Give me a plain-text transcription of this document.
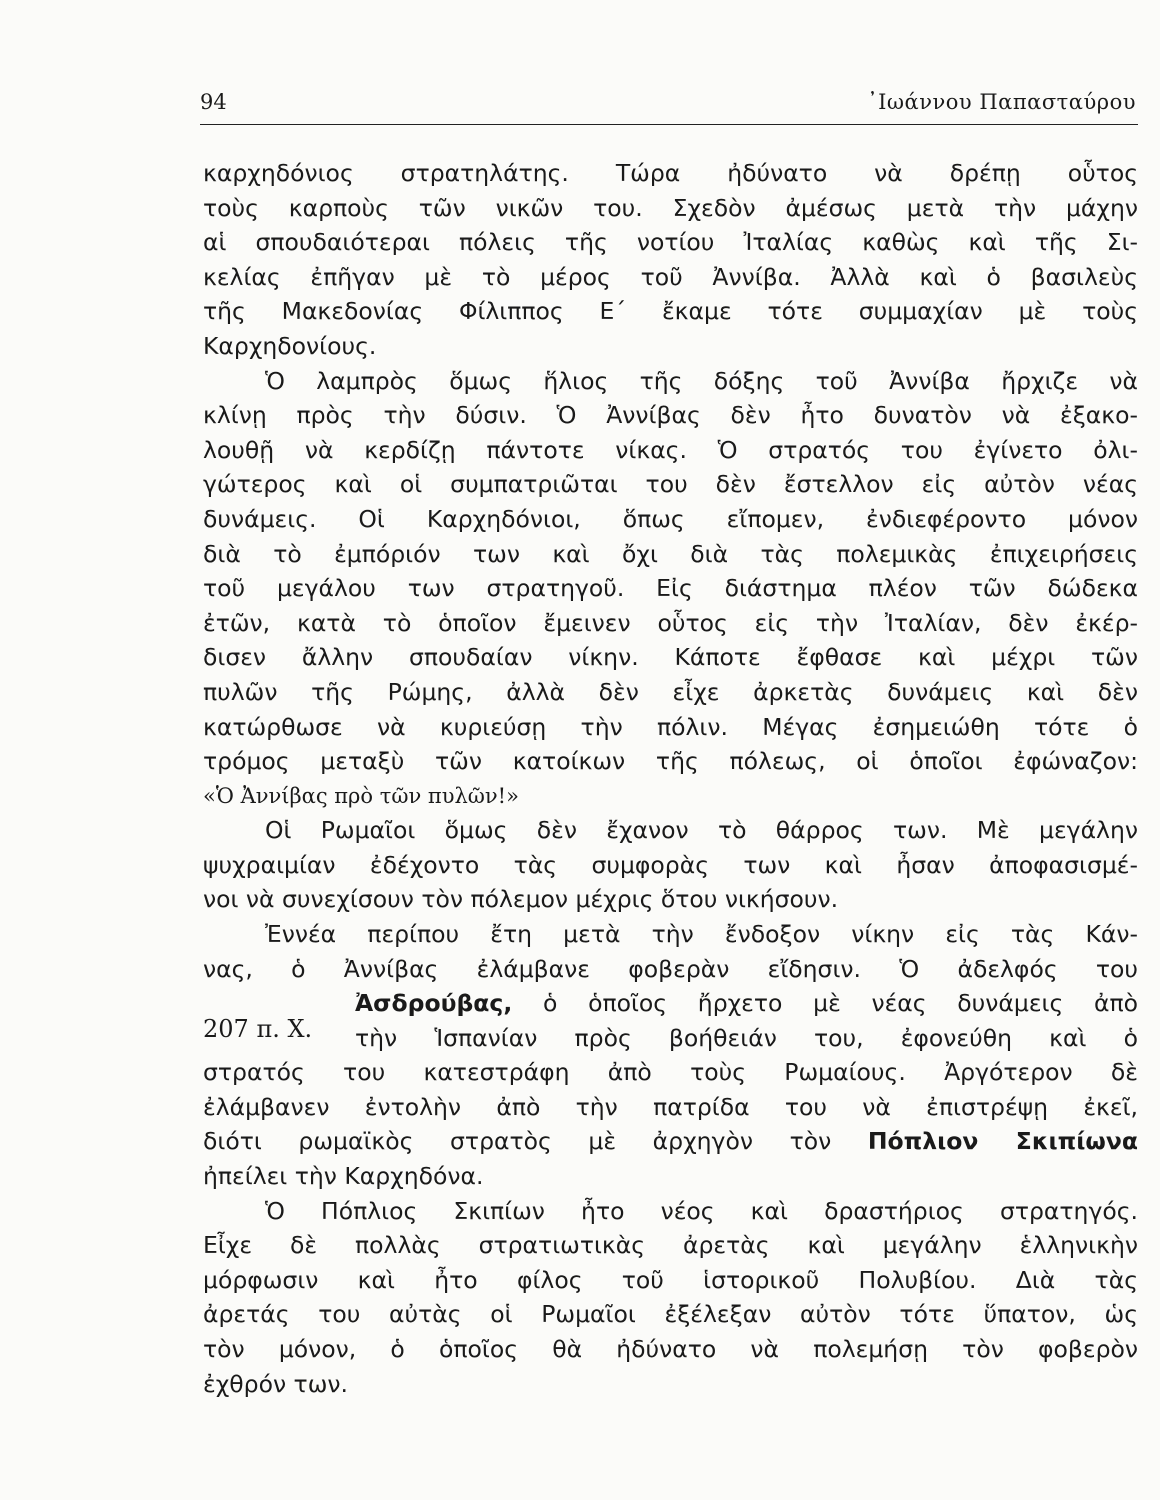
94	᾿Ιωάννου Παπασταύρου
καρχηδόνιος στρατηλάτης. Τώρα ἠδύνατο νὰ δρέπῃ οὗτος
τοὺς καρποὺς τῶν νικῶν του. Σχεδὸν ἀμέσως μετὰ τὴν μάχην
αἱ σπουδαιότεραι πόλεις τῆς νοτίου Ἰταλίας καθὼς καὶ τῆς Σι-
κελίας ἐπῆγαν μὲ τὸ μέρος τοῦ Ἀννίβα. Ἀλλὰ καὶ ὁ βασιλεὺς
τῆς Μακεδονίας Φίλιππος Ε΄ ἔκαμε τότε συμμαχίαν μὲ τοὺς
Καρχηδονίους.
Ὁ λαμπρὸς ὅμως ἥλιος τῆς δόξης τοῦ Ἀννίβα ἤρχιζε νὰ
κλίνῃ πρὸς τὴν δύσιν. Ὁ Ἀννίβας δὲν ἦτο δυνατὸν νὰ ἐξακο-
λουθῇ νὰ κερδίζῃ πάντοτε νίκας. Ὁ στρατός του ἐγίνετο ὀλι-
γώτερος καὶ οἱ συμπατριῶται του δὲν ἔστελλον εἰς αὐτὸν νέας
δυνάμεις. Οἱ Καρχηδόνιοι, ὅπως εἴπομεν, ἐνδιεφέροντο μόνον
διὰ τὸ ἐμπόριόν των καὶ ὄχι διὰ τὰς πολεμικὰς ἐπιχειρήσεις
τοῦ μεγάλου των στρατηγοῦ. Εἰς διάστημα πλέον τῶν δώδεκα
ἐτῶν, κατὰ τὸ ὁποῖον ἔμεινεν οὗτος εἰς τὴν Ἰταλίαν, δὲν ἐκέρ-
δισεν ἄλλην σπουδαίαν νίκην. Κάποτε ἔφθασε καὶ μέχρι τῶν
πυλῶν τῆς Ρώμης, ἀλλὰ δὲν εἶχε ἀρκετὰς δυνάμεις καὶ δὲν
κατώρθωσε νὰ κυριεύσῃ τὴν πόλιν. Μέγας ἐσημειώθη τότε ὁ
τρόμος μεταξὺ τῶν κατοίκων τῆς πόλεως, οἱ ὁποῖοι ἐφώναζον:
«Ὁ Ἀννίβας πρὸ τῶν πυλῶν!»
Οἱ Ρωμαῖοι ὅμως δὲν ἔχανον τὸ θάρρος των. Μὲ μεγάλην
ψυχραιμίαν ἐδέχοντο τὰς συμφορὰς των καὶ ἦσαν ἀποφασισμέ-
νοι νὰ συνεχίσουν τὸν πόλεμον μέχρις ὅτου νικήσουν.
Ἐννέα περίπου ἔτη μετὰ τὴν ἔνδοξον νίκην εἰς τὰς Κάν-
νας, ὁ Ἀννίβας ἐλάμβανε φοβερὰν εἴδησιν. Ὁ ἀδελφός του
207 π. Χ.
Ἀσδρούβας, ὁ ὁποῖος ἤρχετο μὲ νέας δυνάμεις ἀπὸ
τὴν Ἱσπανίαν πρὸς βοήθειάν του, ἐφονεύθη καὶ ὁ
στρατός του κατεστράφη ἀπὸ τοὺς Ρωμαίους. Ἀργότερον δὲ
ἐλάμβανεν ἐντολὴν ἀπὸ τὴν πατρίδα του νὰ ἐπιστρέψῃ ἐκεῖ,
διότι ρωμαϊκὸς στρατὸς μὲ ἀρχηγὸν τὸν Πόπλιον Σκιπίωνα
ἠπείλει τὴν Καρχηδόνα.
Ὁ Πόπλιος Σκιπίων ἦτο νέος καὶ δραστήριος στρατηγός.
Εἶχε δὲ πολλὰς στρατιωτικὰς ἀρετὰς καὶ μεγάλην ἑλληνικὴν
μόρφωσιν καὶ ἦτο φίλος τοῦ ἱστορικοῦ Πολυβίου. Διὰ τὰς
ἀρετάς του αὐτὰς οἱ Ρωμαῖοι ἐξέλεξαν αὐτὸν τότε ὕπατον, ὡς
τὸν μόνον, ὁ ὁποῖος θὰ ἠδύνατο νὰ πολεμήσῃ τὸν φοβερὸν
ἐχθρόν των.
